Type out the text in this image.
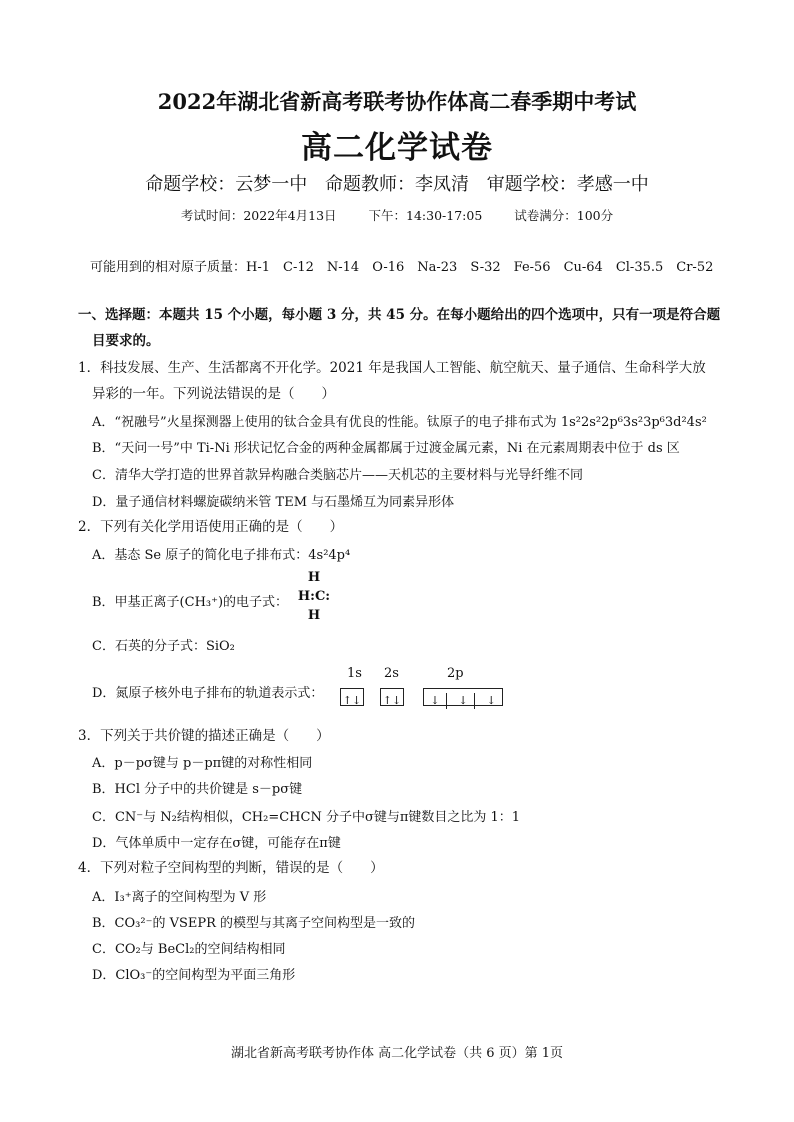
2022年湖北省新高考联考协作体高二春季期中考试
高二化学试卷
命题学校：云梦一中 命题教师：李凤清 审题学校：孝感一中
考试时间：2022年4月13日	下午：14:30-17:05	试卷满分：100分
可能用到的相对原子质量：H-1　C-12　N-14　O-16　Na-23　S-32　Fe-56　Cu-64　Cl-35.5　Cr-52
一、选择题：本题共 15 个小题，每小题 3 分，共 45 分。在每小题给出的四个选项中，只有一项是符合题
目要求的。
1．科技发展、生产、生活都离不开化学。2021 年是我国人工智能、航空航天、量子通信、生命科学大放
异彩的一年。下列说法错误的是（　　）
A．“祝融号”火星探测器上使用的钛合金具有优良的性能。钛原子的电子排布式为 1s²2s²2p⁶3s²3p⁶3d²4s²
B．“天问一号”中 Ti-Ni 形状记忆合金的两种金属都属于过渡金属元素，Ni 在元素周期表中位于 ds 区
C．清华大学打造的世界首款异构融合类脑芯片——天机芯的主要材料与光导纤维不同
D．量子通信材料螺旋碳纳米管 TEM 与石墨烯互为同素异形体
2．下列有关化学用语使用正确的是（　　）
A．基态 Se 原子的简化电子排布式：4s²4p⁴
B．甲基正离子(CH₃⁺)的电子式：
H
H:C:
H
C．石英的分子式：SiO₂
1s 2s	2p
D．氮原子核外电子排布的轨道表示式： ↑↓ ↑↓	↓ ↓ ↓
3．下列关于共价键的描述正确是（　　）
A．p－pσ键与 p－pπ键的对称性相同
B．HCl 分子中的共价键是 s－pσ键
C．CN⁻与 N₂结构相似，CH₂=CHCN 分子中σ键与π键数目之比为 1：1
D．气体单质中一定存在σ键，可能存在π键
4．下列对粒子空间构型的判断，错误的是（　　）
A．I₃⁺离子的空间构型为 V 形
B．CO₃²⁻的 VSEPR 的模型与其离子空间构型是一致的
C．CO₂与 BeCl₂的空间结构相同
D．ClO₃⁻的空间构型为平面三角形
湖北省新高考联考协作体 高二化学试卷（共 6 页）第 1页
